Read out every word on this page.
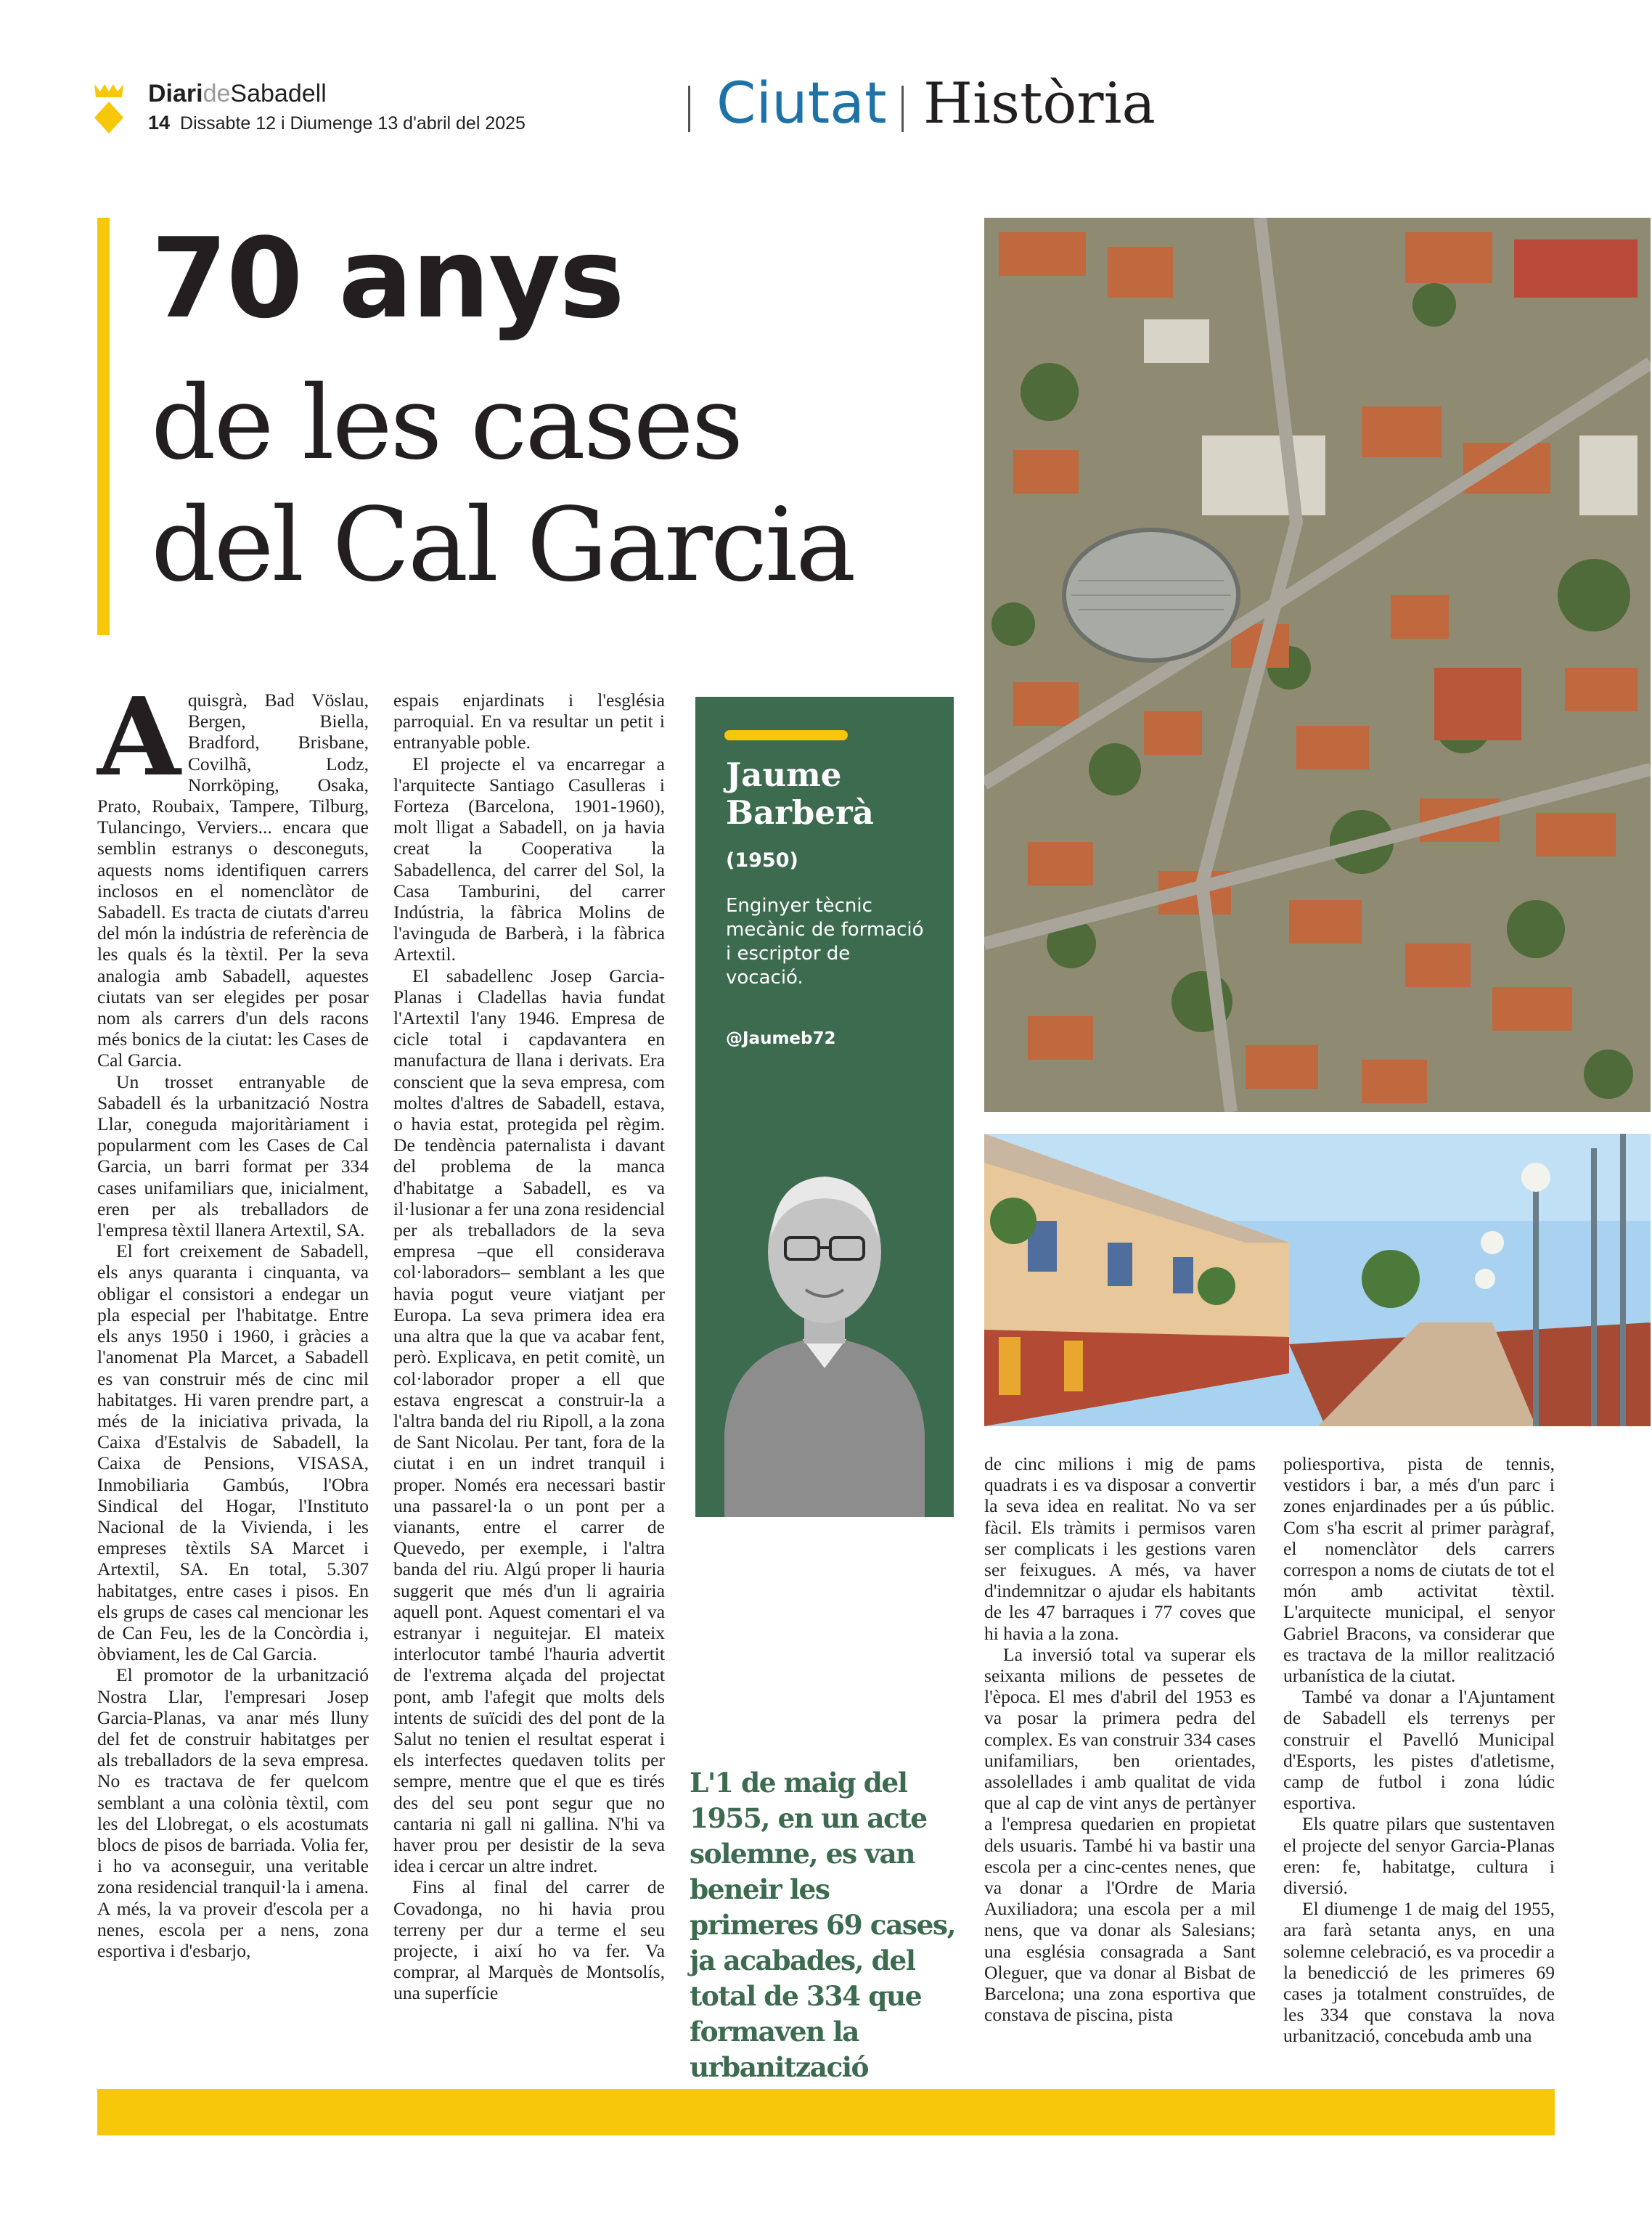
DiarideSabadell
14 Dissabte 12 i Diumenge 13 d'abril del 2025	Ciutat Història
70 anys
de les cases
del Cal Garcia

Aquisgrà, Bad Vöslau, Bergen, Biella, Bradford, Brisbane, Covilhã, Lodz, Norrköping, Osaka, Prato, Roubaix, Tampere, Tilburg, Tulancingo, Verviers... encara que semblin estranys o desconeguts, aquests noms identifiquen carrers inclosos en el nomenclàtor de Sabadell. Es tracta de ciutats d'arreu del món la indústria de referència de les quals és la tèxtil. Per la seva analogia amb Sabadell, aquestes ciutats van ser elegides per posar nom als carrers d'un dels racons més bonics de la ciutat: les Cases de Cal Garcia.

Un trosset entranyable de Sabadell és la urbanització Nostra Llar, coneguda majoritàriament i popularment com les Cases de Cal Garcia, un barri format per 334 cases unifamiliars que, inicialment, eren per als treballadors de l'empresa tèxtil llanera Artextil, SA.

El fort creixement de Sabadell, els anys quaranta i cinquanta, va obligar el consistori a endegar un pla especial per l'habitatge. Entre els anys 1950 i 1960, i gràcies a l'anomenat Pla Marcet, a Sabadell es van construir més de cinc mil habitatges. Hi varen prendre part, a més de la iniciativa privada, la Caixa d'Estalvis de Sabadell, la Caixa de Pensions, VISASA, Inmobiliaria Gambús, l'Obra Sindical del Hogar, l'Instituto Nacional de la Vivienda, i les empreses tèxtils SA Marcet i Artextil, SA. En total, 5.307 habitatges, entre cases i pisos. En els grups de cases cal mencionar les de Can Feu, les de la Concòrdia i, òbviament, les de Cal Garcia.

El promotor de la urbanització Nostra Llar, l'empresari Josep Garcia-Planas, va anar més lluny del fet de construir habitatges per als treballadors de la seva empresa. No es tractava de fer quelcom semblant a una colònia tèxtil, com les del Llobregat, o els acostumats blocs de pisos de barriada. Volia fer, i ho va aconseguir, una veritable zona residencial tranquil·la i amena. A més, la va proveir d'escola per a nenes, escola per a nens, zona esportiva i d'esbarjo,

espais enjardinats i l'església parroquial. En va resultar un petit i entranyable poble.

El projecte el va encarregar a l'arquitecte Santiago Casulleras i Forteza (Barcelona, 1901-1960), molt lligat a Sabadell, on ja havia creat la Cooperativa la Sabadellenca, del carrer del Sol, la Casa Tamburini, del carrer Indústria, la fàbrica Molins de l'avinguda de Barberà, i la fàbrica Artextil.

El sabadellenc Josep Garcia-Planas i Cladellas havia fundat l'Artextil l'any 1946. Empresa de cicle total i capdavantera en manufactura de llana i derivats. Era conscient que la seva empresa, com moltes d'altres de Sabadell, estava, o havia estat, protegida pel règim. De tendència paternalista i davant del problema de la manca d'habitatge a Sabadell, es va il·lusionar a fer una zona residencial per als treballadors de la seva empresa –que ell considerava col·laboradors– semblant a les que havia pogut veure viatjant per Europa. La seva primera idea era una altra que la que va acabar fent, però. Explicava, en petit comitè, un col·laborador proper a ell que estava engrescat a construir-la a l'altra banda del riu Ripoll, a la zona de Sant Nicolau. Per tant, fora de la ciutat i en un indret tranquil i proper. Només era necessari bastir una passarel·la o un pont per a vianants, entre el carrer de Quevedo, per exemple, i l'altra banda del riu. Algú proper li hauria suggerit que més d'un li agrairia aquell pont. Aquest comentari el va estranyar i neguitejar. El mateix interlocutor també l'hauria advertit de l'extrema alçada del projectat pont, amb l'afegit que molts dels intents de suïcidi des del pont de la Salut no tenien el resultat esperat i els interfectes quedaven tolits per sempre, mentre que el que es tirés des del seu pont segur que no cantaria ni gall ni gallina. N'hi va haver prou per desistir de la seva idea i cercar un altre indret.

Fins al final del carrer de Covadonga, no hi havia prou terreny per dur a terme el seu projecte, i així ho va fer. Va comprar, al Marquès de Montsolís, una superfície

Jaume Barberà
(1950)
Enginyer tècnic mecànic de formació i escriptor de vocació.
@Jaumeb72
L'1 de maig del 1955, en un acte solemne, es van beneir les primeres 69 cases, ja acabades, del total de 334 que formaven la urbanització

de cinc milions i mig de pams quadrats i es va disposar a convertir la seva idea en realitat. No va ser fàcil. Els tràmits i permisos varen ser complicats i les gestions varen ser feixugues. A més, va haver d'indemnitzar o ajudar els habitants de les 47 barraques i 77 coves que hi havia a la zona.

La inversió total va superar els seixanta milions de pessetes de l'època. El mes d'abril del 1953 es va posar la primera pedra del complex. Es van construir 334 cases unifamiliars, ben orientades, assolellades i amb qualitat de vida que al cap de vint anys de pertànyer a l'empresa quedarien en propietat dels usuaris. També hi va bastir una escola per a cinc-centes nenes, que va donar a l'Ordre de Maria Auxiliadora; una escola per a mil nens, que va donar als Salesians; una església consagrada a Sant Oleguer, que va donar al Bisbat de Barcelona; una zona esportiva que constava de piscina, pista

poliesportiva, pista de tennis, vestidors i bar, a més d'un parc i zones enjardinades per a ús públic. Com s'ha escrit al primer paràgraf, el nomenclàtor dels carrers correspon a noms de ciutats de tot el món amb activitat tèxtil. L'arquitecte municipal, el senyor Gabriel Bracons, va considerar que es tractava de la millor realització urbanística de la ciutat.

També va donar a l'Ajuntament de Sabadell els terrenys per construir el Pavelló Municipal d'Esports, les pistes d'atletisme, camp de futbol i zona lúdic esportiva.

Els quatre pilars que sustentaven el projecte del senyor Garcia-Planas eren: fe, habitatge, cultura i diversió.

El diumenge 1 de maig del 1955, ara farà setanta anys, en una solemne celebració, es va procedir a la benedicció de les primeres 69 cases ja totalment construïdes, de les 334 que constava la nova urbanització, concebuda amb una
